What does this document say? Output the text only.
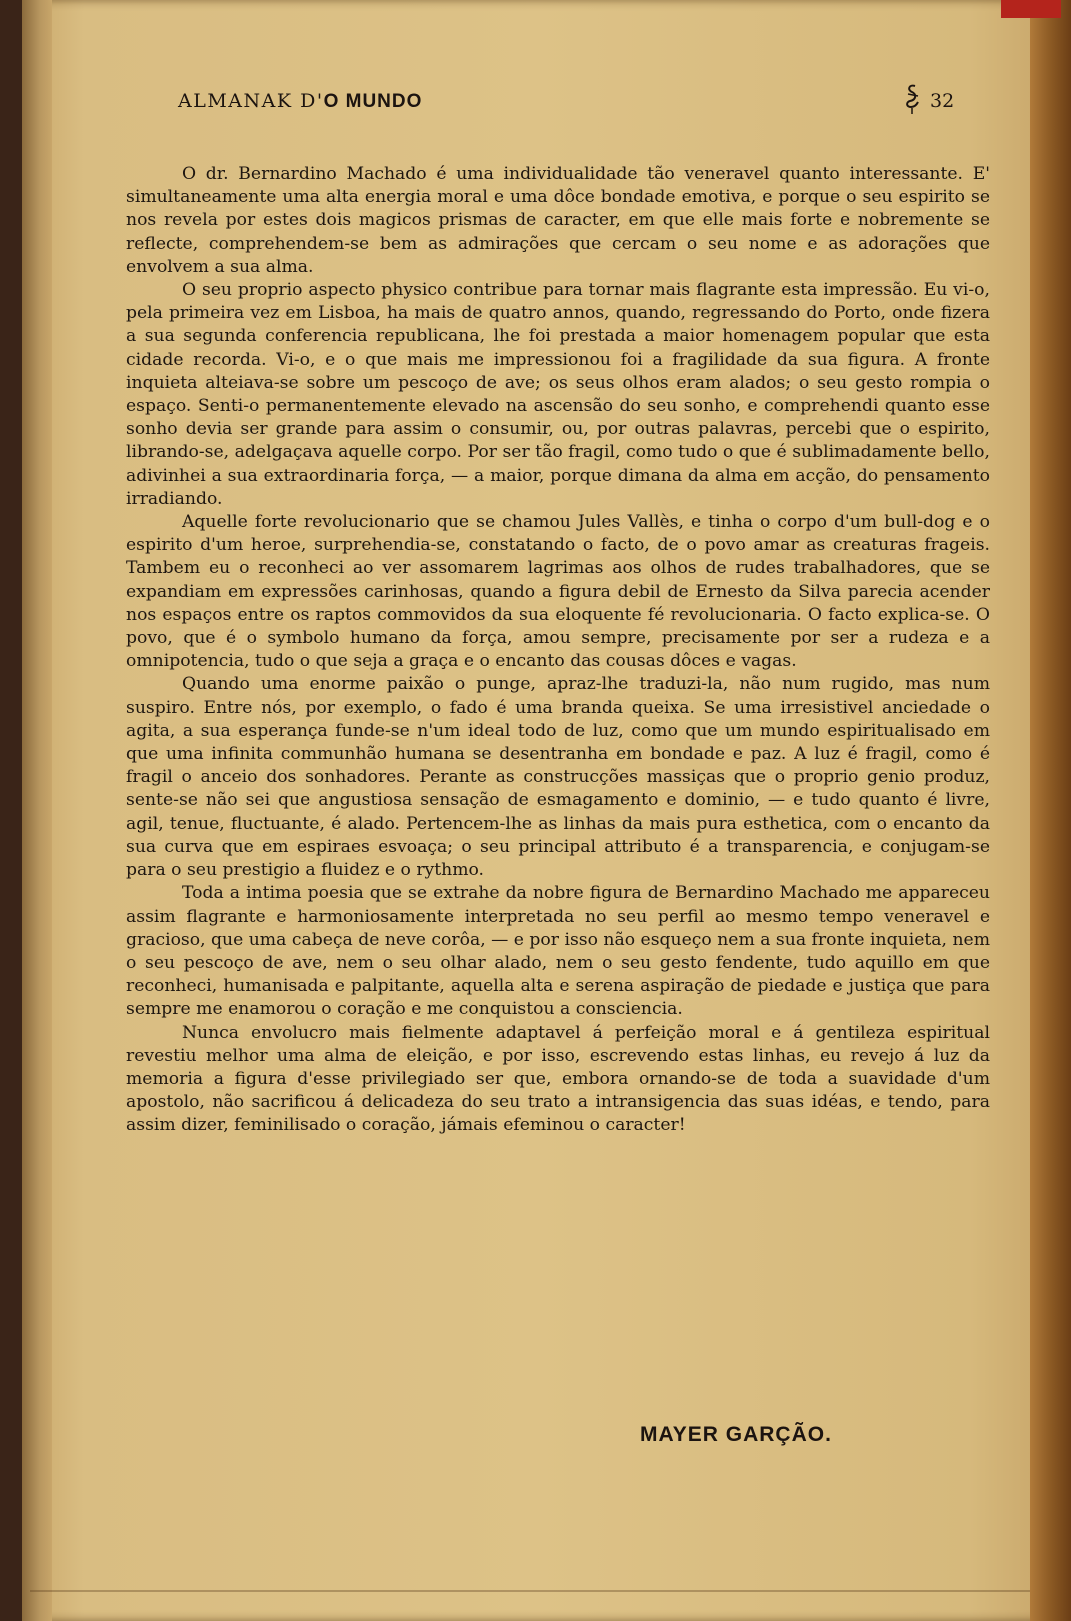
ALMANAK D'O MUNDO	32

O dr. Bernardino Machado é uma individualidade tão veneravel quanto interessante. E' simultaneamente uma alta energia moral e uma dôce bondade emotiva, e porque o seu espirito se nos revela por estes dois magicos prismas de caracter, em que elle mais forte e nobremente se reflecte, comprehendem-se bem as admirações que cercam o seu nome e as adorações que envolvem a sua alma.

O seu proprio aspecto physico contribue para tornar mais flagrante esta impressão. Eu vi-o, pela primeira vez em Lisboa, ha mais de quatro annos, quando, regressando do Porto, onde fizera a sua segunda conferencia republicana, lhe foi prestada a maior homenagem popular que esta cidade recorda. Vi-o, e o que mais me impressionou foi a fragilidade da sua figura. A fronte inquieta alteiava-se sobre um pescoço de ave; os seus olhos eram alados; o seu gesto rompia o espaço. Senti-o permanentemente elevado na ascensão do seu sonho, e comprehendi quanto esse sonho devia ser grande para assim o consumir, ou, por outras palavras, percebi que o espirito, librando-se, adelgaçava aquelle corpo. Por ser tão fragil, como tudo o que é sublimadamente bello, adivinhei a sua extraordinaria força, — a maior, porque dimana da alma em acção, do pensamento irradiando.

Aquelle forte revolucionario que se chamou Jules Vallès, e tinha o corpo d'um bull-dog e o espirito d'um heroe, surprehendia-se, constatando o facto, de o povo amar as creaturas frageis. Tambem eu o reconheci ao ver assomarem lagrimas aos olhos de rudes trabalhadores, que se expandiam em expressões carinhosas, quando a figura debil de Ernesto da Silva parecia acender nos espaços entre os raptos commovidos da sua eloquente fé revolucionaria. O facto explica-se. O povo, que é o symbolo humano da força, amou sempre, precisamente por ser a rudeza e a omnipotencia, tudo o que seja a graça e o encanto das cousas dôces e vagas.

Quando uma enorme paixão o punge, apraz-lhe traduzi-la, não num rugido, mas num suspiro. Entre nós, por exemplo, o fado é uma branda queixa. Se uma irresistivel anciedade o agita, a sua esperança funde-se n'um ideal todo de luz, como que um mundo espiritualisado em que uma infinita communhão humana se desentranha em bondade e paz. A luz é fragil, como é fragil o anceio dos sonhadores. Perante as construcções massiças que o proprio genio produz, sente-se não sei que angustiosa sensação de esmagamento e dominio, — e tudo quanto é livre, agil, tenue, fluctuante, é alado. Pertencem-lhe as linhas da mais pura esthetica, com o encanto da sua curva que em espiraes esvoaça; o seu principal attributo é a transparencia, e conjugam-se para o seu prestigio a fluidez e o rythmo.

Toda a intima poesia que se extrahe da nobre figura de Bernardino Machado me appareceu assim flagrante e harmoniosamente interpretada no seu perfil ao mesmo tempo veneravel e gracioso, que uma cabeça de neve corôa, — e por isso não esqueço nem a sua fronte inquieta, nem o seu pescoço de ave, nem o seu olhar alado, nem o seu gesto fendente, tudo aquillo em que reconheci, humanisada e palpitante, aquella alta e serena aspiração de piedade e justiça que para sempre me enamorou o coração e me conquistou a consciencia.

Nunca envolucro mais fielmente adaptavel á perfeição moral e á gentileza espiritual revestiu melhor uma alma de eleição, e por isso, escrevendo estas linhas, eu revejo á luz da memoria a figura d'esse privilegiado ser que, embora ornando-se de toda a suavidade d'um apostolo, não sacrificou á delicadeza do seu trato a intransigencia das suas idéas, e tendo, para assim dizer, feminilisado o coração, jámais efeminou o caracter!

MAYER GARÇÃO.
